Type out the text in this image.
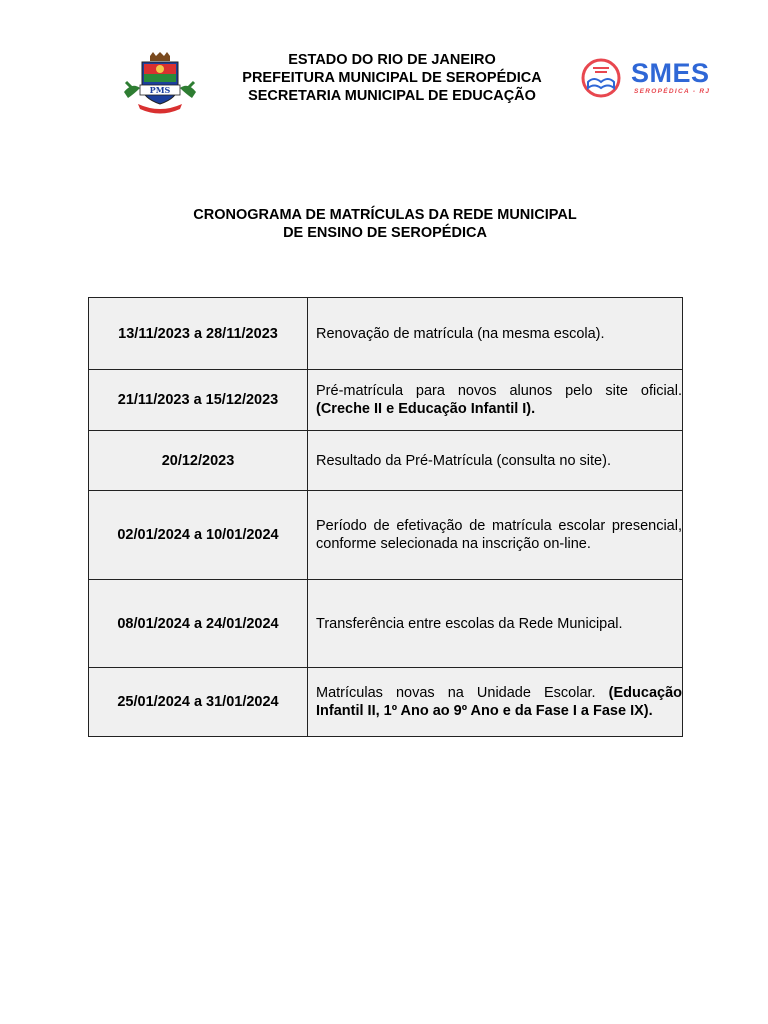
PMS
ESTADO DO RIO DE JANEIRO
PREFEITURA MUNICIPAL DE SEROPÉDICA
SECRETARIA MUNICIPAL DE EDUCAÇÃO
SMES
SEROPÉDICA - RJ
CRONOGRAMA DE MATRÍCULAS DA REDE MUNICIPAL
DE ENSINO DE SEROPÉDICA
13/11/2023 a 28/11/2023	Renovação de matrícula (na mesma escola).
21/11/2023 a 15/12/2023	Pré-matrícula para novos alunos pelo site oficial. (Creche II e Educação Infantil I).
20/12/2023	Resultado da Pré-Matrícula (consulta no site).
02/01/2024 a 10/01/2024	Período de efetivação de matrícula escolar presencial, conforme selecionada na inscrição on-line.
08/01/2024 a 24/01/2024	Transferência entre escolas da Rede Municipal.
25/01/2024 a 31/01/2024	Matrículas novas na Unidade Escolar. (Educação Infantil II, 1º Ano ao 9º Ano e da Fase I a Fase IX).
